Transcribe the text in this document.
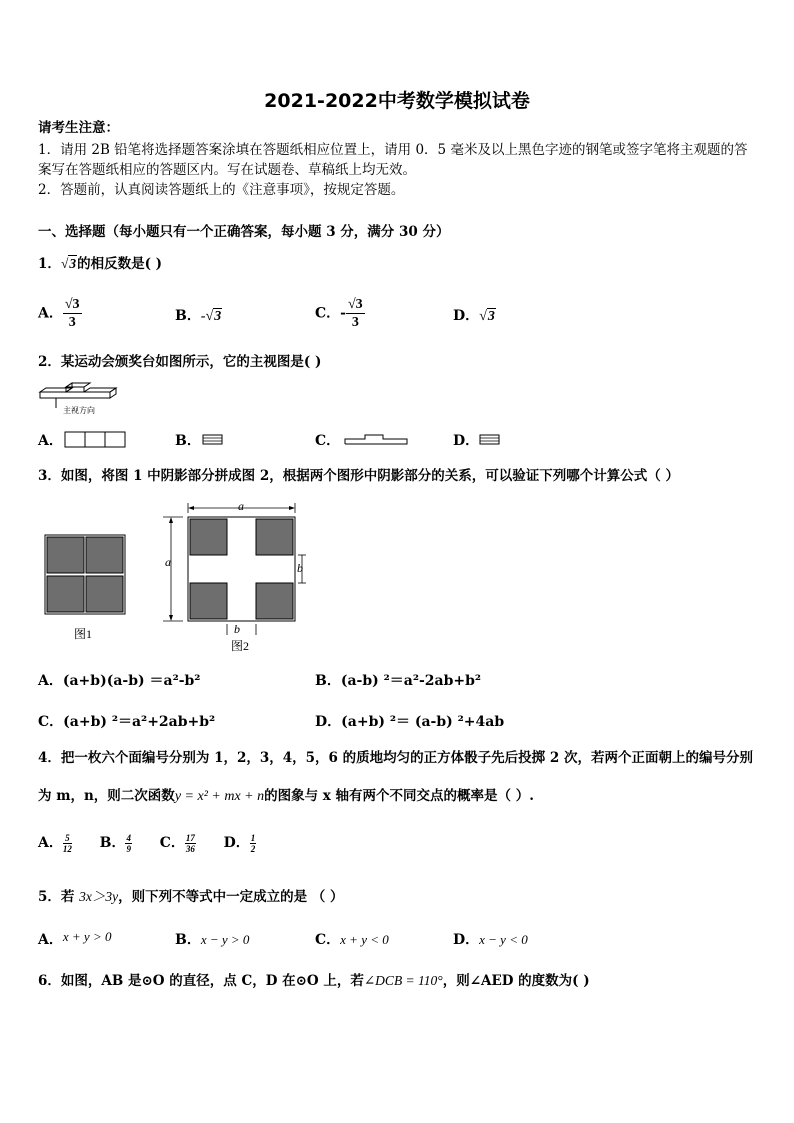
2021-2022中考数学模拟试卷
请考生注意：
1．请用 2B 铅笔将选择题答案涂填在答题纸相应位置上，请用 0．5 毫米及以上黑色字迹的钢笔或签字笔将主观题的答
案写在答题纸相应的答题区内。写在试题卷、草稿纸上均无效。
2．答题前，认真阅读答题纸上的《注意事项》，按规定答题。
一、选择题（每小题只有一个正确答案，每小题 3 分，满分 30 分）
1．√3的相反数是( )
A． $\frac{√3}{3}$	B．-√3	C．- $\frac{√3}{3}$	D．√3
2．某运动会颁奖台如图所示，它的主视图是( )
主视方向
A．	B．	C．	D．
3．如图，将图 1 中阴影部分拼成图 2，根据两个图形中阴影部分的关系，可以验证下列哪个计算公式（ ）
图1
a
a	b
b
图2
A．(a+b)(a-b) ＝a²-b²	B．(a-b) ²＝a²-2ab+b²
C．(a+b) ²＝a²+2ab+b²	D．(a+b) ²＝ (a-b) ²+4ab
4．把一枚六个面编号分别为 1，2，3，4，5，6 的质地均匀的正方体骰子先后投掷 2 次，若两个正面朝上的编号分别
为 m，n，则二次函数y = x² + mx + n的图象与 x 轴有两个不同交点的概率是（ ）.
A． $\frac{5}{12}$ B． $\frac{4}{9}$ C． $\frac{17}{36}$ D． $\frac{1}{2}$
5．若 3x＞3y，则下列不等式中一定成立的是 （ ）
A．x + y > 0	B．x − y > 0	C．x + y < 0	D．x − y < 0
6．如图，AB 是⊙O 的直径，点 C，D 在⊙O 上，若∠DCB = 110°，则∠AED 的度数为( )
